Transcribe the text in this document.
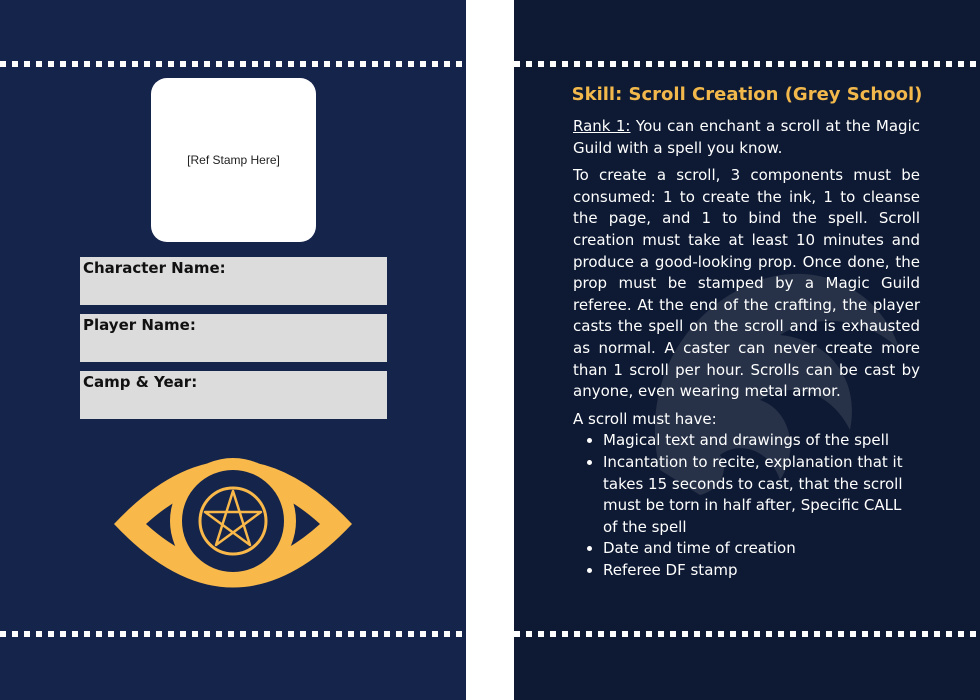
[Ref Stamp Here]
Character Name:
Player Name:
Camp & Year:
Skill: Scroll Creation (Grey School)

Rank 1: You can enchant a scroll at the Magic Guild with a spell you know.

To create a scroll, 3 components must be consumed: 1 to create the ink, 1 to cleanse the page, and 1 to bind the spell. Scroll creation must take at least 10 minutes and produce a good-looking prop. Once done, the prop must be stamped by a Magic Guild referee. At the end of the crafting, the player casts the spell on the scroll and is exhausted as normal. A caster can never create more than 1 scroll per hour. Scrolls can be cast by anyone, even wearing metal armor.

A scroll must have:
• Magical text and drawings of the spell
• Incantation to recite, explanation that it takes 15 seconds to cast, that the scroll must be torn in half after, Specific CALL of the spell
• Date and time of creation
• Referee DF stamp
